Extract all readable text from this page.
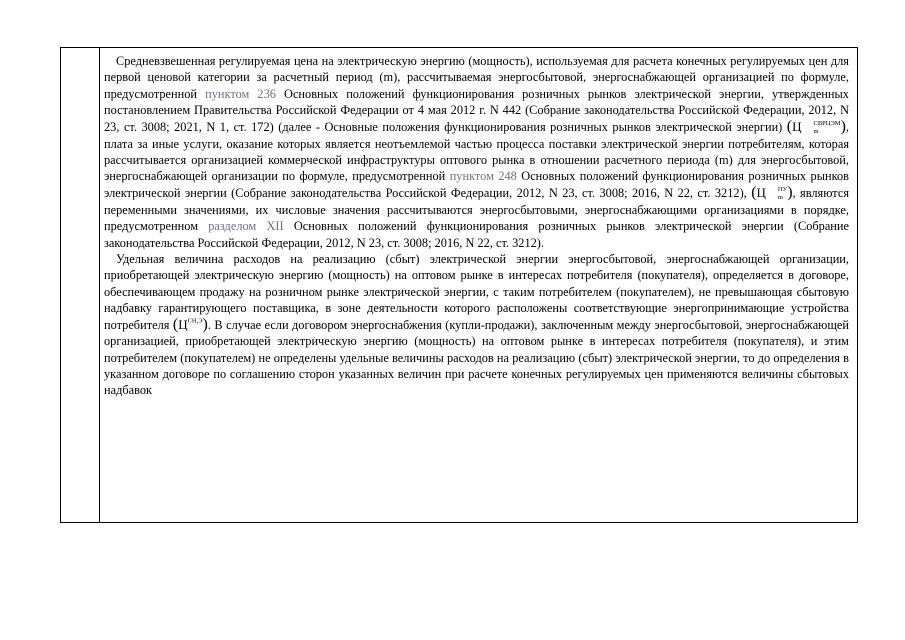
Средневзвешенная регулируемая цена на электрическую энергию (мощность), используемая для расчета конечных регулируемых цен для первой ценовой категории за расчетный период (m), рассчитываемая энергосбытовой, энергоснабжающей организацией по формуле, предусмотренной пунктом 236 Основных положений функционирования розничных рынков электрической энергии, утвержденных постановлением Правительства Российской Федерации от 4 мая 2012 г. N 442 (Собрание законодательства Российской Федерации, 2012, N 23, ст. 3008; 2021, N 1, ст. 172) (далее - Основные положения функционирования розничных рынков электрической энергии) (Ц	СВРЦЭМ
m	), плата за иные услуги, оказание которых является неотъемлемой частью процесса поставки электрической энергии потребителям, которая рассчитывается организацией коммерческой инфраструктуры оптового рынка в отношении расчетного периода (m) для энергосбытовой, энергоснабжающей организации по формуле, предусмотренной пунктом 248 Основных положений функционирования розничных рынков электрической энергии (Собрание законодательства Российской Федерации, 2012, N 23, ст. 3008; 2016, N 22, ст. 3212), (Ц	ПУ
m ), являются переменными значениями, их числовые значения рассчитываются энергосбытовыми, энергоснабжающими организациями в порядке, предусмотренном разделом XII Основных положений функционирования розничных рынков электрической энергии (Собрание законодательства Российской Федерации, 2012, N 23, ст. 3008; 2016, N 22, ст. 3212).

Удельная величина расходов на реализацию (сбыт) электрической энергии энергосбытовой, энергоснабжающей организации, приобретающей электрическую энергию (мощность) на оптовом рынке в интересах потребителя (покупателя), определяется в договоре, обеспечивающем продажу на розничном рынке электрической энергии, с таким потребителем (покупателем), не превышающая сбытовую надбавку гарантирующего поставщика, в зоне деятельности которого расположены соответствующие энергопринимающие устройства потребителя $(Ц^{СН,Э})$. В случае если договором энергоснабжения (купли-продажи), заключенным между энергосбытовой, энергоснабжающей организацией, приобретающей электрическую энергию (мощность) на оптовом рынке в интересах потребителя (покупателя), и этим потребителем (покупателем) не определены удельные величины расходов на реализацию (сбыт) электрической энергии, то до определения в указанном договоре по соглашению сторон указанных величин при расчете конечных регулируемых цен применяются величины сбытовых надбавок
